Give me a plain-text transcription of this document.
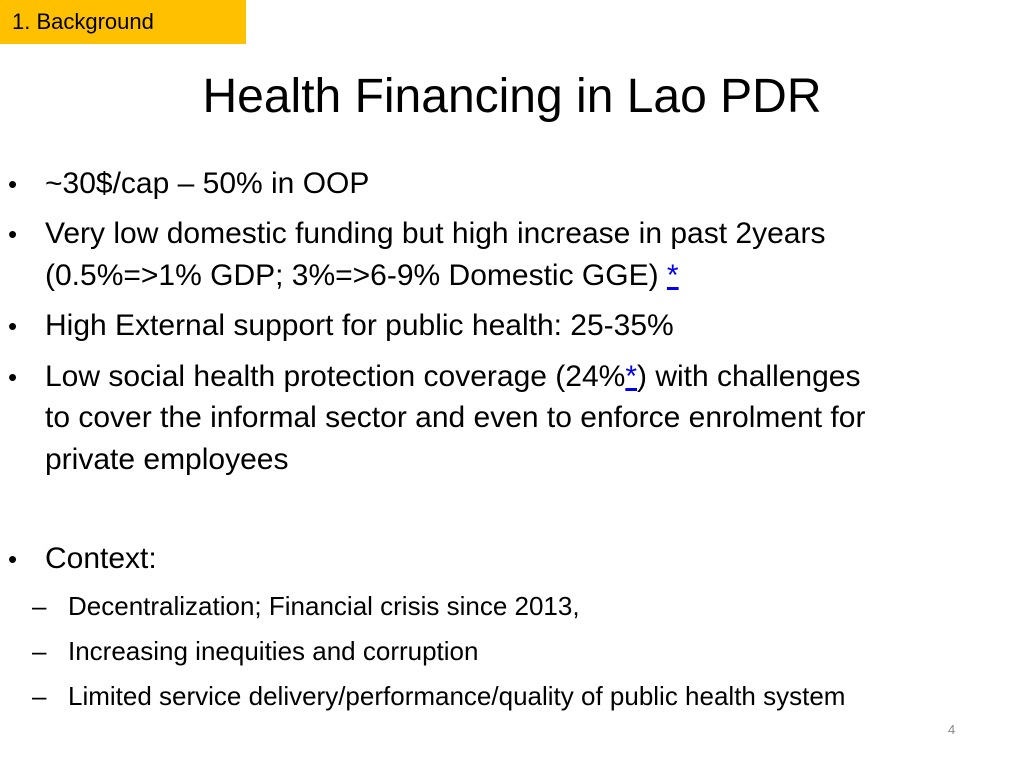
1. Background
Health Financing in Lao PDR
• ~30$/cap – 50% in OOP
• Very low domestic funding but high increase in past 2years
(0.5%=>1% GDP; 3%=>6-9% Domestic GGE) *
• High External support for public health: 25-35%
• Low social health protection coverage (24%*) with challenges
to cover the informal sector and even to enforce enrolment for
private employees
• Context:
– Decentralization; Financial crisis since 2013,
– Increasing inequities and corruption
– Limited service delivery/performance/quality of public health system
4
